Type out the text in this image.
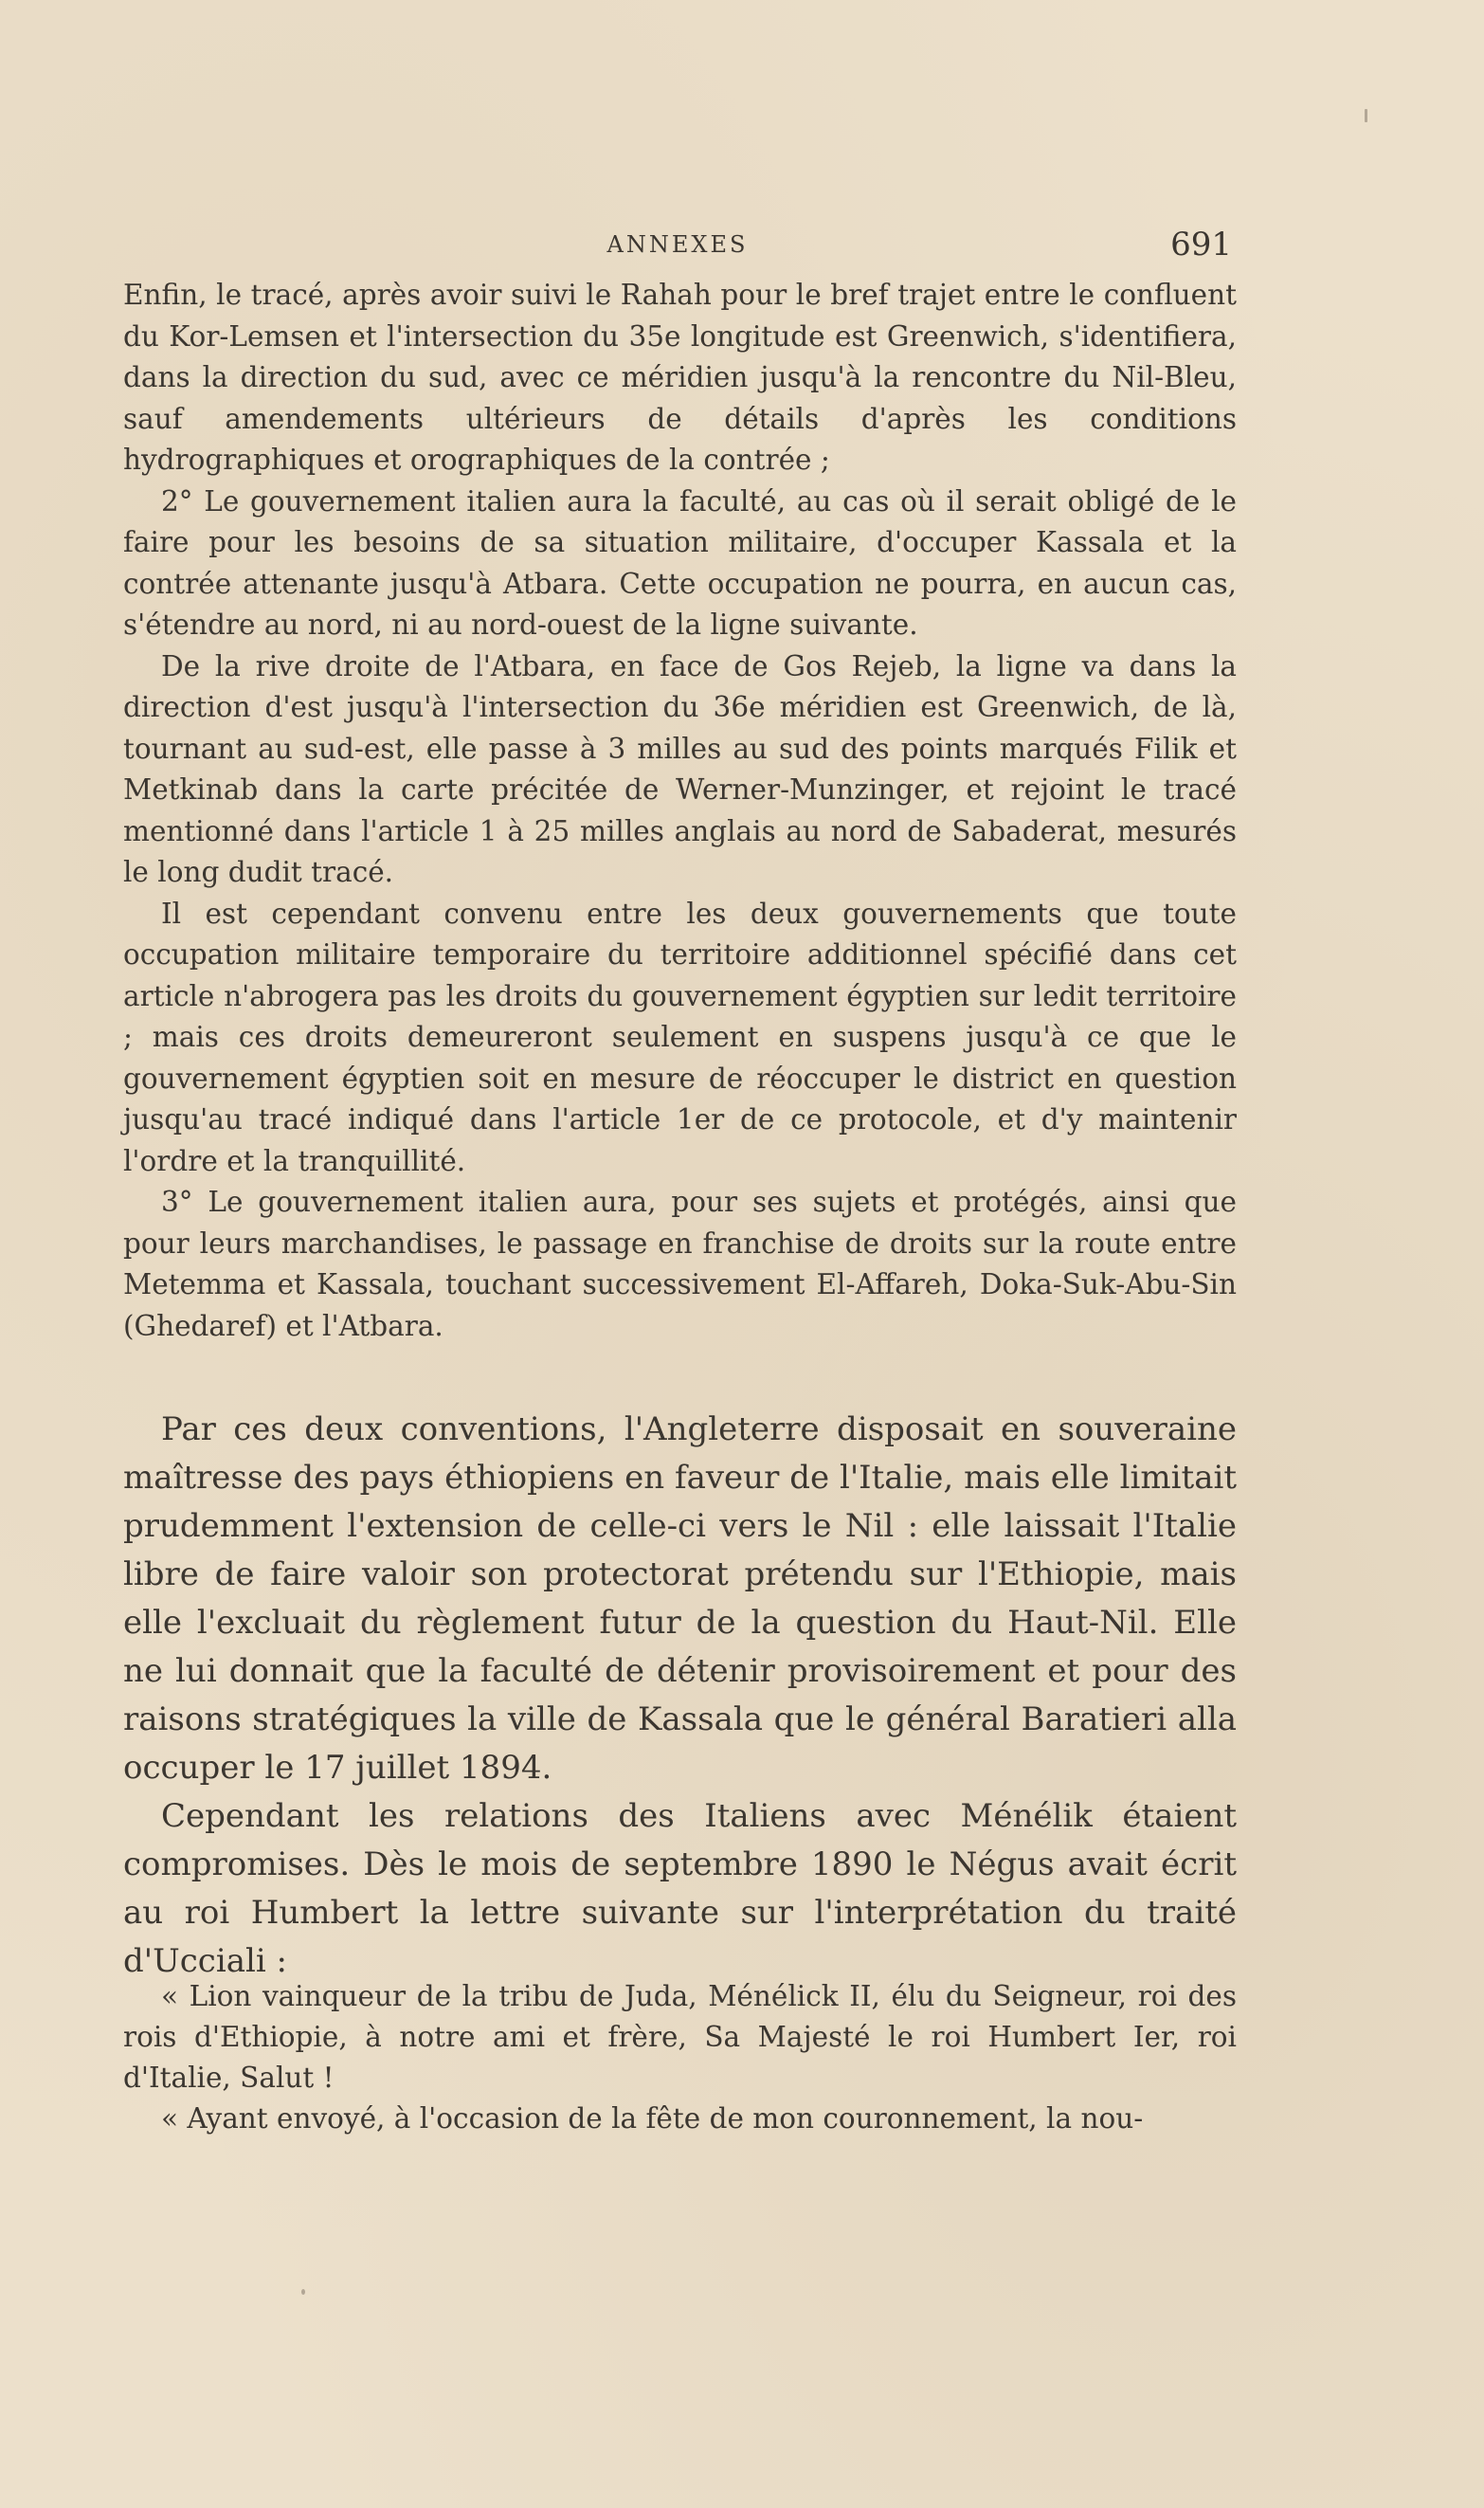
ANNEXES	691

Enfin, le tracé, après avoir suivi le Rahah pour le bref trajet entre le confluent du Kor-Lemsen et l'intersection du 35e longitude est Greenwich, s'identifiera, dans la direction du sud, avec ce méridien jusqu'à la rencontre du Nil-Bleu, sauf amendements ultérieurs de détails d'après les conditions hydrographiques et orographiques de la contrée ;

2° Le gouvernement italien aura la faculté, au cas où il serait obligé de le faire pour les besoins de sa situation militaire, d'occuper Kassala et la contrée attenante jusqu'à Atbara. Cette occupation ne pourra, en aucun cas, s'étendre au nord, ni au nord-ouest de la ligne suivante.

De la rive droite de l'Atbara, en face de Gos Rejeb, la ligne va dans la direction d'est jusqu'à l'intersection du 36e méridien est Greenwich, de là, tournant au sud-est, elle passe à 3 milles au sud des points marqués Filik et Metkinab dans la carte précitée de Werner-Munzinger, et rejoint le tracé mentionné dans l'article 1 à 25 milles anglais au nord de Sabaderat, mesurés le long dudit tracé.

Il est cependant convenu entre les deux gouvernements que toute occupation militaire temporaire du territoire additionnel spécifié dans cet article n'abrogera pas les droits du gouvernement égyptien sur ledit territoire ; mais ces droits demeureront seulement en suspens jusqu'à ce que le gouvernement égyptien soit en mesure de réoccuper le district en question jusqu'au tracé indiqué dans l'article 1er de ce protocole, et d'y maintenir l'ordre et la tranquillité.

3° Le gouvernement italien aura, pour ses sujets et protégés, ainsi que pour leurs marchandises, le passage en franchise de droits sur la route entre Metemma et Kassala, touchant successivement El-Affareh, Doka-Suk-Abu-Sin (Ghedaref) et l'Atbara.

Par ces deux conventions, l'Angleterre disposait en souveraine maîtresse des pays éthiopiens en faveur de l'Italie, mais elle limitait prudemment l'extension de celle-ci vers le Nil : elle laissait l'Italie libre de faire valoir son protectorat prétendu sur l'Ethiopie, mais elle l'excluait du règlement futur de la question du Haut-Nil. Elle ne lui donnait que la faculté de détenir provisoirement et pour des raisons stratégiques la ville de Kassala que le général Baratieri alla occuper le 17 juillet 1894.

Cependant les relations des Italiens avec Ménélik étaient compromises. Dès le mois de septembre 1890 le Négus avait écrit au roi Humbert la lettre suivante sur l'interprétation du traité d'Ucciali :

« Lion vainqueur de la tribu de Juda, Ménélick II, élu du Seigneur, roi des rois d'Ethiopie, à notre ami et frère, Sa Majesté le roi Humbert Ier, roi d'Italie, Salut !

« Ayant envoyé, à l'occasion de la fête de mon couronnement, la nou-
